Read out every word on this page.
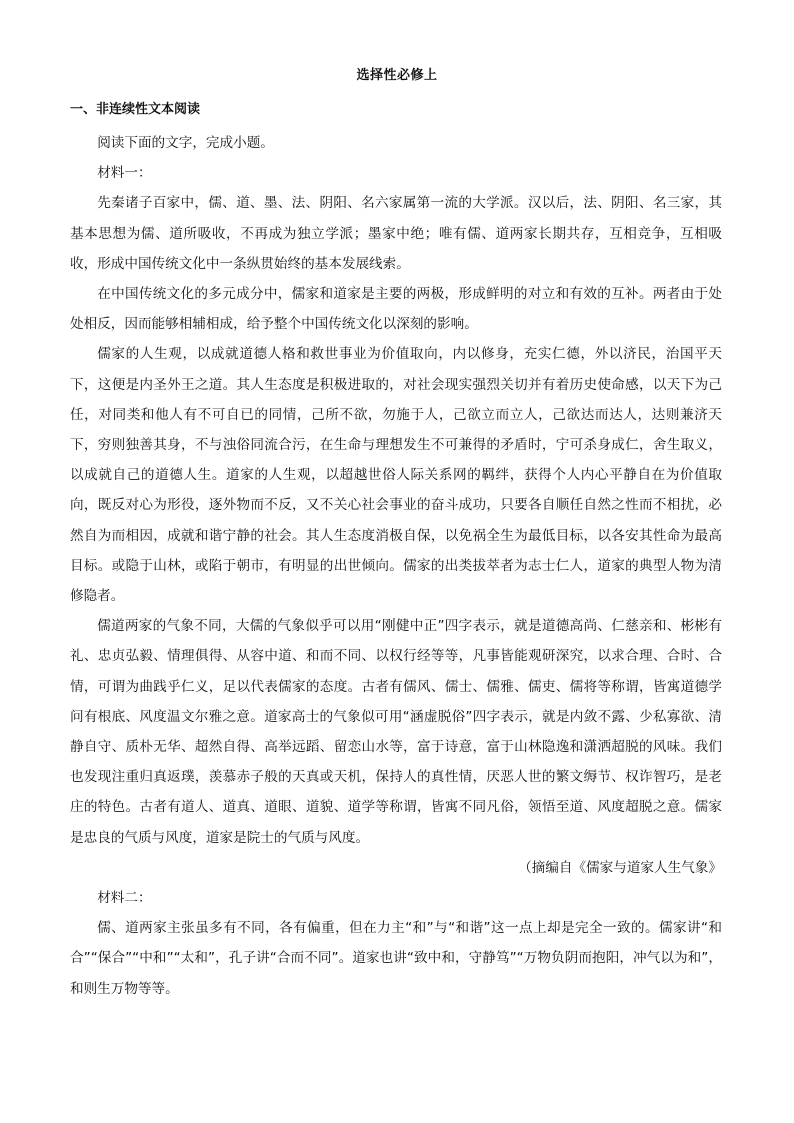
选择性必修上
一、非连续性文本阅读

阅读下面的文字，完成小题。

材料一：

先秦诸子百家中，儒、道、墨、法、阴阳、名六家属第一流的大学派。汉以后，法、阴阳、名三家，其基本思想为儒、道所吸收，不再成为独立学派；墨家中绝；唯有儒、道两家长期共存，互相竞争，互相吸收，形成中国传统文化中一条纵贯始终的基本发展线索。

在中国传统文化的多元成分中，儒家和道家是主要的两极，形成鲜明的对立和有效的互补。两者由于处处相反，因而能够相辅相成，给予整个中国传统文化以深刻的影响。

儒家的人生观，以成就道德人格和救世事业为价值取向，内以修身，充实仁德，外以济民，治国平天下，这便是内圣外王之道。其人生态度是积极进取的，对社会现实强烈关切并有着历史使命感，以天下为己任，对同类和他人有不可自已的同情，己所不欲，勿施于人，己欲立而立人，己欲达而达人，达则兼济天下，穷则独善其身，不与浊俗同流合污，在生命与理想发生不可兼得的矛盾时，宁可杀身成仁，舍生取义，以成就自己的道德人生。道家的人生观，以超越世俗人际关系网的羁绊，获得个人内心平静自在为价值取向，既反对心为形役，逐外物而不反，又不关心社会事业的奋斗成功，只要各自顺任自然之性而不相扰，必然自为而相因，成就和谐宁静的社会。其人生态度消极自保，以免祸全生为最低目标，以各安其性命为最高目标。或隐于山林，或陷于朝市，有明显的出世倾向。儒家的出类拔萃者为志士仁人，道家的典型人物为清修隐者。

儒道两家的气象不同，大儒的气象似乎可以用“刚健中正”四字表示，就是道德高尚、仁慈亲和、彬彬有礼、忠贞弘毅、情理俱得、从容中道、和而不同、以权行经等等，凡事皆能观研深究，以求合理、合时、合情，可谓为曲践乎仁义，足以代表儒家的态度。古者有儒风、儒士、儒雅、儒吏、儒将等称谓，皆寓道德学问有根底、风度温文尔雅之意。道家高士的气象似可用“涵虚脱俗”四字表示，就是内敛不露、少私寡欲、清静自守、质朴无华、超然自得、高举远蹈、留恋山水等，富于诗意，富于山林隐逸和潇洒超脱的风味。我们也发现注重归真返璞，羡慕赤子般的天真或天机，保持人的真性情，厌恶人世的繁文缛节、权诈智巧，是老庄的特色。古者有道人、道真、道眼、道貌、道学等称谓，皆寓不同凡俗，领悟至道、风度超脱之意。儒家是忠良的气质与风度，道家是院士的气质与风度。

（摘编自《儒家与道家人生气象》

材料二：

儒、道两家主张虽多有不同，各有偏重，但在力主“和”与“和谐”这一点上却是完全一致的。儒家讲“和合”“保合”“中和”“太和”，孔子讲“合而不同”。道家也讲“致中和，守静笃”“万物负阴而抱阳，冲气以为和”，和则生万物等等。
